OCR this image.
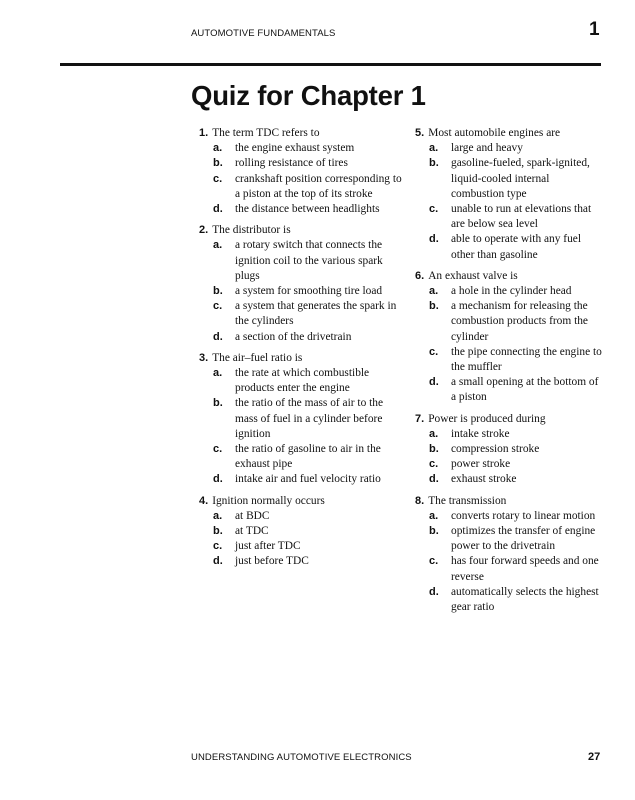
AUTOMOTIVE FUNDAMENTALS	1
Quiz for Chapter 1
1. The term TDC refers to
a.	the engine exhaust system
b.	rolling resistance of tires
c.	crankshaft position corresponding to a piston at the top of its stroke
d.	the distance between headlights
2. The distributor is
a.	a rotary switch that connects the ignition coil to the various spark plugs
b.	a system for smoothing tire load
c.	a system that generates the spark in the cylinders
d.	a section of the drivetrain
3. The air–fuel ratio is
a.	the rate at which combustible products enter the engine
b.	the ratio of the mass of air to the mass of fuel in a cylinder before ignition
c.	the ratio of gasoline to air in the exhaust pipe
d.	intake air and fuel velocity ratio
4. Ignition normally occurs
a.	at BDC
b.	at TDC
c.	just after TDC
d.	just before TDC
5. Most automobile engines are
a.	large and heavy
b.	gasoline-fueled, spark-ignited, liquid-cooled internal combustion type
c.	unable to run at elevations that are below sea level
d.	able to operate with any fuel other than gasoline
6. An exhaust valve is
a.	a hole in the cylinder head
b.	a mechanism for releasing the combustion products from the cylinder
c.	the pipe connecting the engine to the muffler
d.	a small opening at the bottom of a piston
7. Power is produced during
a.	intake stroke
b.	compression stroke
c.	power stroke
d.	exhaust stroke
8. The transmission
a.	converts rotary to linear motion
b.	optimizes the transfer of engine power to the drivetrain
c.	has four forward speeds and one reverse
d.	automatically selects the highest gear ratio
UNDERSTANDING AUTOMOTIVE ELECTRONICS	27
